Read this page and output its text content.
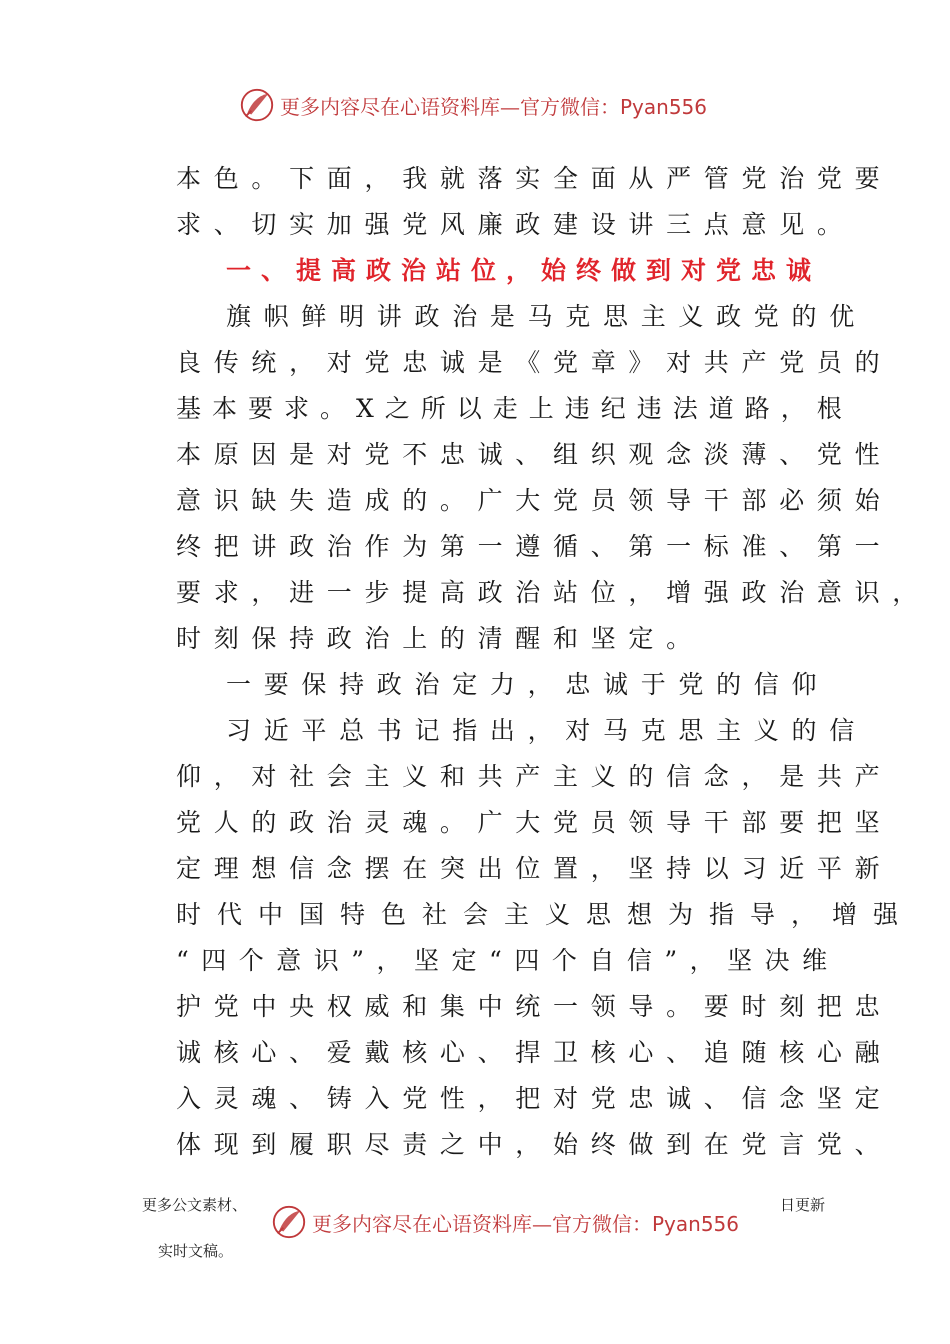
更多内容尽在心语资料库— 官方微信：Pyan556
本色。下面，我就落实全面从严管党治党要
求、切实加强党风廉政建设讲三点意见。
一、提高政治站位，始终做到对党忠诚
旗帜鲜明讲政治是马克思主义政党的优
良传统，对党忠诚是《党章》对共产党员的
基本要求。X之所以走上违纪违法道路，根
本原因是对党不忠诚、组织观念淡薄、党性
意识缺失造成的。广大党员领导干部必须始
终把讲政治作为第一遵循、第一标准、第一
要求，进一步提高政治站位，增强政治意识，
时刻保持政治上的清醒和坚定。
一要保持政治定力，忠诚于党的信仰
习近平总书记指出，对马克思主义的信
仰，对社会主义和共产主义的信念，是共产
党人的政治灵魂。广大党员领导干部要把坚
定理想信念摆在突出位置，坚持以习近平新
时代中国特色社会主义思想为指导，增强
“四个意识”，坚定“四个自信”，坚决维
护党中央权威和集中统一领导。要时刻把忠
诚核心、爱戴核心、捍卫核心、追随核心融
入灵魂、铸入党性，把对党忠诚、信念坚定
体现到履职尽责之中，始终做到在党言党、
更多公文素材、	日更新
实时文稿。
更多内容尽在心语资料库— 官方微信：Pyan556
